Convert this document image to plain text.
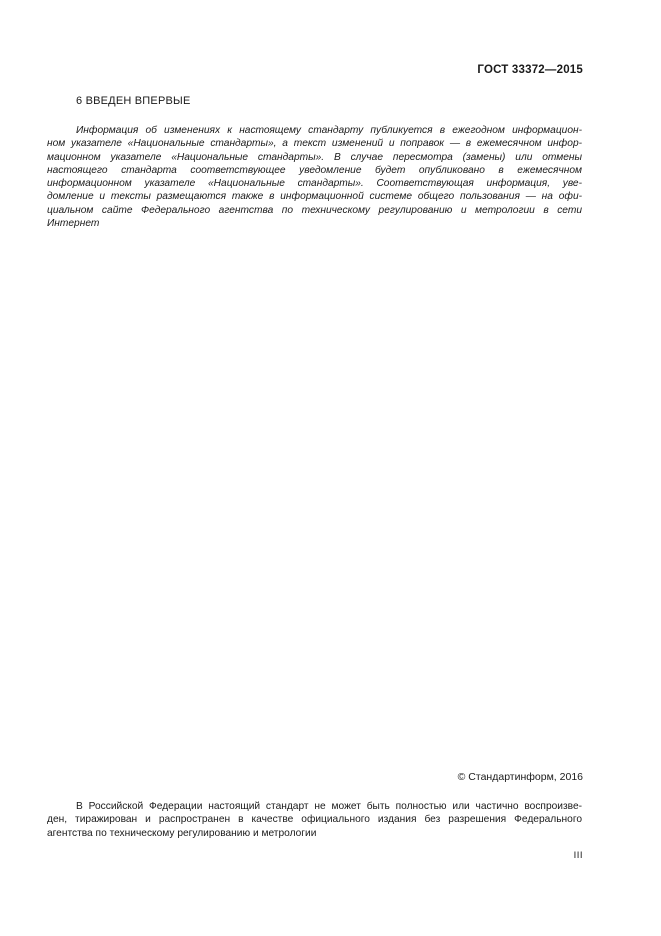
ГОСТ 33372—2015
6 ВВЕДЕН ВПЕРВЫЕ

Информация об изменениях к настоящему стандарту публикуется в ежегодном информацион-
ном указателе «Национальные стандарты», а текст изменений и поправок — в ежемесячном инфор-
мационном указателе «Национальные стандарты». В случае пересмотра (замены) или отмены
настоящего стандарта соответствующее уведомление будет опубликовано в ежемесячном
информационном указателе «Национальные стандарты». Соответствующая информация, уве-
домление и тексты размещаются также в информационной системе общего пользования — на офи-
циальном сайте Федерального агентства по техническому регулированию и метрологии в сети
Интернет

© Стандартинформ, 2016

В Российской Федерации настоящий стандарт не может быть полностью или частично воспроизве-
ден, тиражирован и распространен в качестве официального издания без разрешения Федерального
агентства по техническому регулированию и метрологии

III
